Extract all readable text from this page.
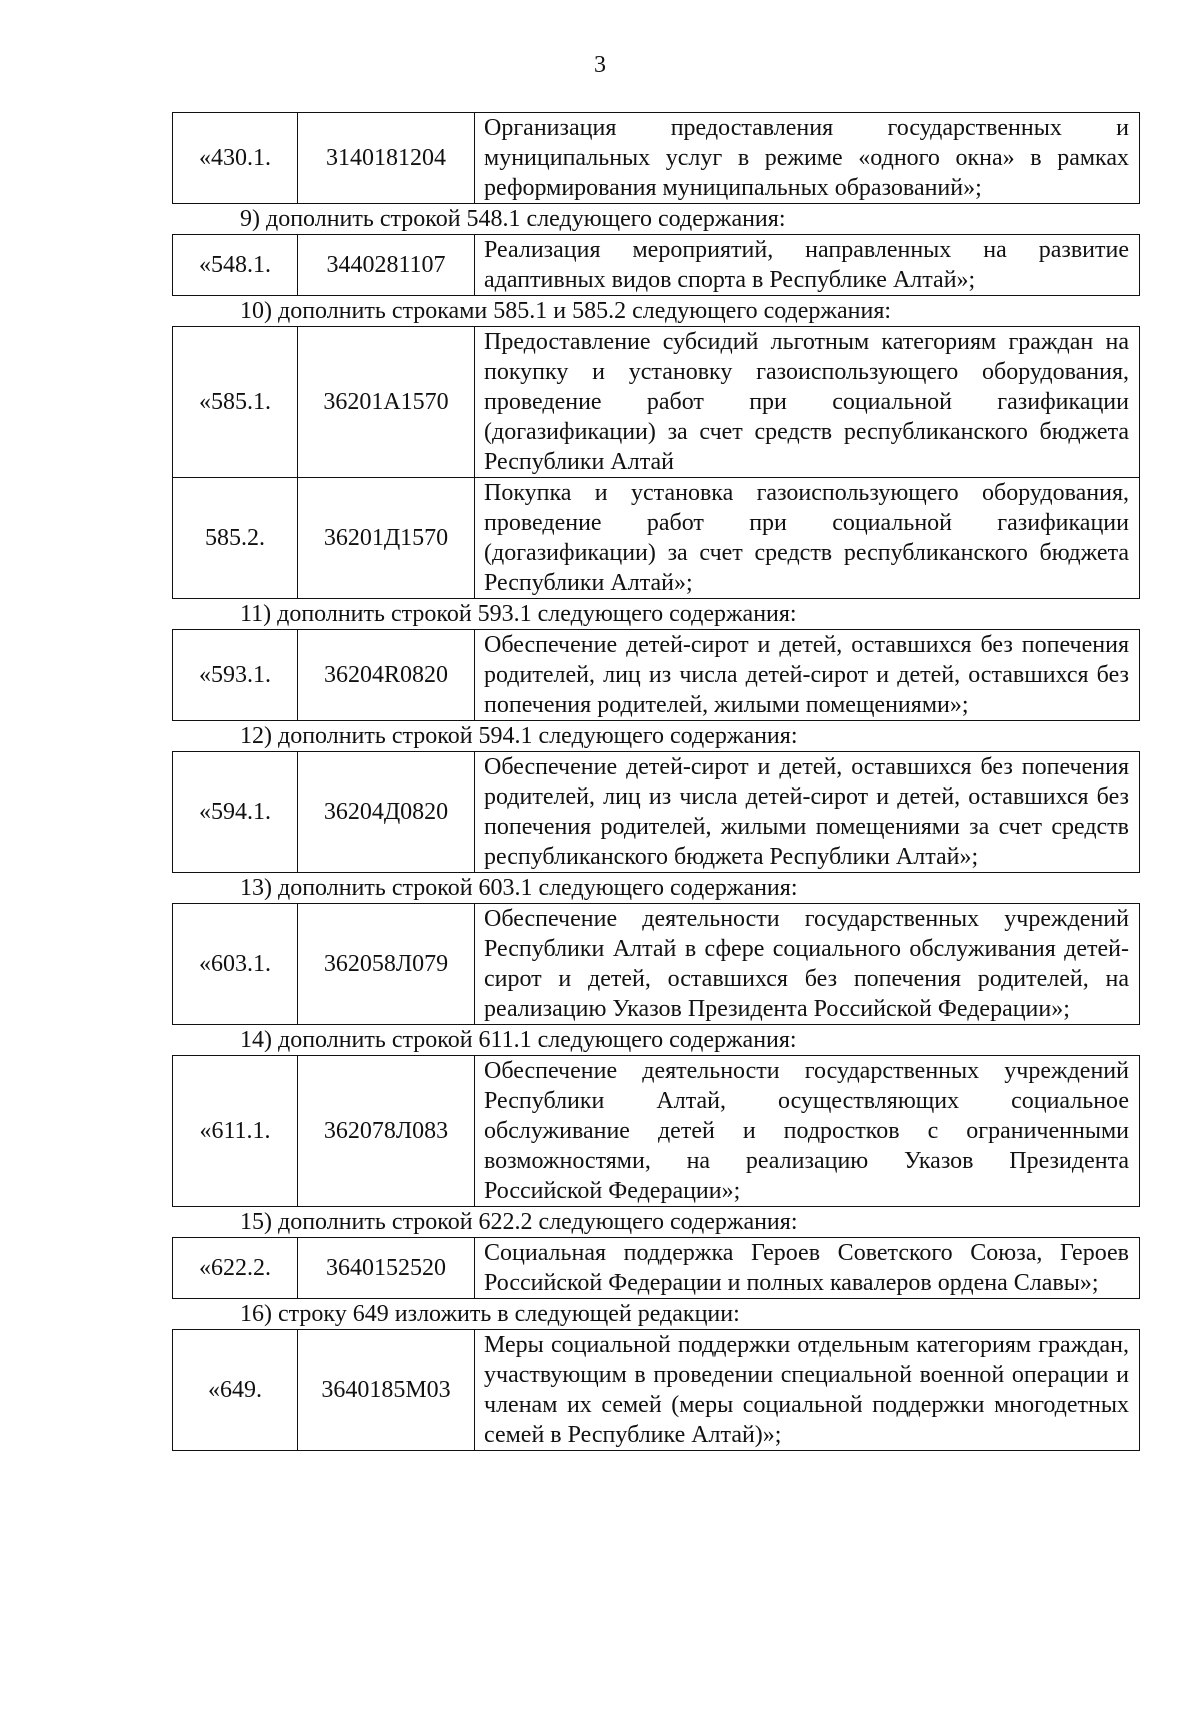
3
«430.1.	3140181204	Организация предоставления государственных и муниципальных услуг в режиме «одного окна» в рамках реформирования муниципальных образований»;
9) дополнить строкой 548.1 следующего содержания:
«548.1.	3440281107	Реализация мероприятий, направленных на развитие адаптивных видов спорта в Республике Алтай»;
10) дополнить строками 585.1 и 585.2 следующего содержания:
«585.1.	36201А1570	Предоставление субсидий льготным категориям граждан на покупку и установку газоиспользующего оборудования, проведение работ при социальной газификации (догазификации) за счет средств республиканского бюджета Республики Алтай
585.2.	36201Д1570	Покупка и установка газоиспользующего оборудования, проведение работ при социальной газификации (догазификации) за счет средств республиканского бюджета Республики Алтай»;
11) дополнить строкой 593.1 следующего содержания:
«593.1.	36204R0820	Обеспечение детей-сирот и детей, оставшихся без попечения родителей, лиц из числа детей-сирот и детей, оставшихся без попечения родителей, жилыми помещениями»;
12) дополнить строкой 594.1 следующего содержания:
«594.1.	36204Д0820	Обеспечение детей-сирот и детей, оставшихся без попечения родителей, лиц из числа детей-сирот и детей, оставшихся без попечения родителей, жилыми помещениями за счет средств республиканского бюджета Республики Алтай»;
13) дополнить строкой 603.1 следующего содержания:
«603.1.	362058Л079	Обеспечение деятельности государственных учреждений Республики Алтай в сфере социального обслуживания детей-сирот и детей, оставшихся без попечения родителей, на реализацию Указов Президента Российской Федерации»;
14) дополнить строкой 611.1 следующего содержания:
«611.1.	362078Л083	Обеспечение деятельности государственных учреждений Республики Алтай, осуществляющих социальное обслуживание детей и подростков с ограниченными возможностями, на реализацию Указов Президента Российской Федерации»;
15) дополнить строкой 622.2 следующего содержания:
«622.2.	3640152520	Социальная поддержка Героев Советского Союза, Героев Российской Федерации и полных кавалеров ордена Славы»;
16) строку 649 изложить в следующей редакции:
«649.	3640185М03	Меры социальной поддержки отдельным категориям граждан, участвующим в проведении специальной военной операции и членам их семей (меры социальной поддержки многодетных семей в Республике Алтай)»;
